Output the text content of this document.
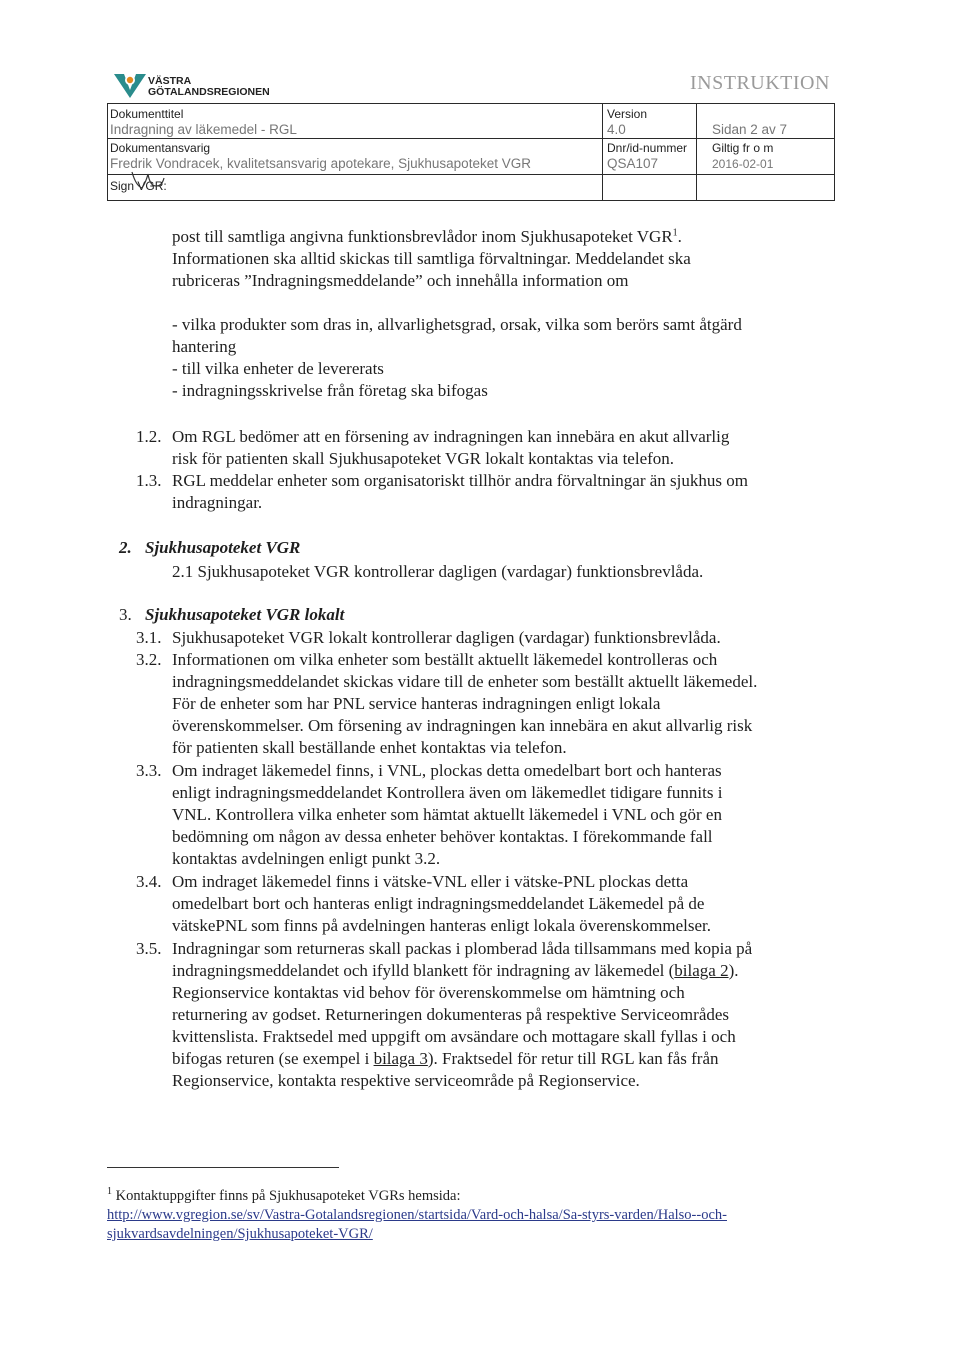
VÄSTRA
GÖTALANDSREGIONEN	INSTRUKTION
Dokumenttitel
Indragning av läkemedel - RGL
Version
4.0	Sidan 2 av 7
Dokumentansvarig
Fredrik Vondracek, kvalitetsansvarig apotekare, Sjukhusapoteket VGR
Dnr/id-nummer
QSA107
Giltig fr o m
2016-02-01
Sign VGR:
post till samtliga angivna funktionsbrevlådor inom Sjukhusapoteket VGR$^1$.
Informationen ska alltid skickas till samtliga förvaltningar. Meddelandet ska
rubriceras ”Indragningsmeddelande” och innehålla information om
- vilka produkter som dras in, allvarlighetsgrad, orsak, vilka som berörs samt åtgärd
hantering
- till vilka enheter de levererats
- indragningsskrivelse från företag ska bifogas
1.2. Om RGL bedömer att en försening av indragningen kan innebära en akut allvarlig
risk för patienten skall Sjukhusapoteket VGR lokalt kontaktas via telefon.
1.3. RGL meddelar enheter som organisatoriskt tillhör andra förvaltningar än sjukhus om
indragningar.
2. Sjukhusapoteket VGR
2.1 Sjukhusapoteket VGR kontrollerar dagligen (vardagar) funktionsbrevlåda.
3. Sjukhusapoteket VGR lokalt
3.1. Sjukhusapoteket VGR lokalt kontrollerar dagligen (vardagar) funktionsbrevlåda.
3.2. Informationen om vilka enheter som beställt aktuellt läkemedel kontrolleras och
indragningsmeddelandet skickas vidare till de enheter som beställt aktuellt läkemedel.
För de enheter som har PNL service hanteras indragningen enligt lokala
överenskommelser. Om försening av indragningen kan innebära en akut allvarlig risk
för patienten skall beställande enhet kontaktas via telefon.
3.3. Om indraget läkemedel finns, i VNL, plockas detta omedelbart bort och hanteras
enligt indragningsmeddelandet Kontrollera även om läkemedlet tidigare funnits i
VNL. Kontrollera vilka enheter som hämtat aktuellt läkemedel i VNL och gör en
bedömning om någon av dessa enheter behöver kontaktas. I förekommande fall
kontaktas avdelningen enligt punkt 3.2.
3.4. Om indraget läkemedel finns i vätske-VNL eller i vätske-PNL plockas detta
omedelbart bort och hanteras enligt indragningsmeddelandet Läkemedel på de
vätskePNL som finns på avdelningen hanteras enligt lokala överenskommelser.
3.5. Indragningar som returneras skall packas i plomberad låda tillsammans med kopia på
indragningsmeddelandet och ifylld blankett för indragning av läkemedel (bilaga 2).
Regionservice kontaktas vid behov för överenskommelse om hämtning och
returnering av godset. Returneringen dokumenteras på respektive Serviceområdes
kvittenslista. Fraktsedel med uppgift om avsändare och mottagare skall fyllas i och
bifogas returen (se exempel i bilaga 3). Fraktsedel för retur till RGL kan fås från
Regionservice, kontakta respektive serviceområde på Regionservice.
$^1$ Kontaktuppgifter finns på Sjukhusapoteket VGRs hemsida:
http://www.vgregion.se/sv/Vastra-Gotalandsregionen/startsida/Vard-och-halsa/Sa-styrs-varden/Halso--och-
sjukvardsavdelningen/Sjukhusapoteket-VGR/
